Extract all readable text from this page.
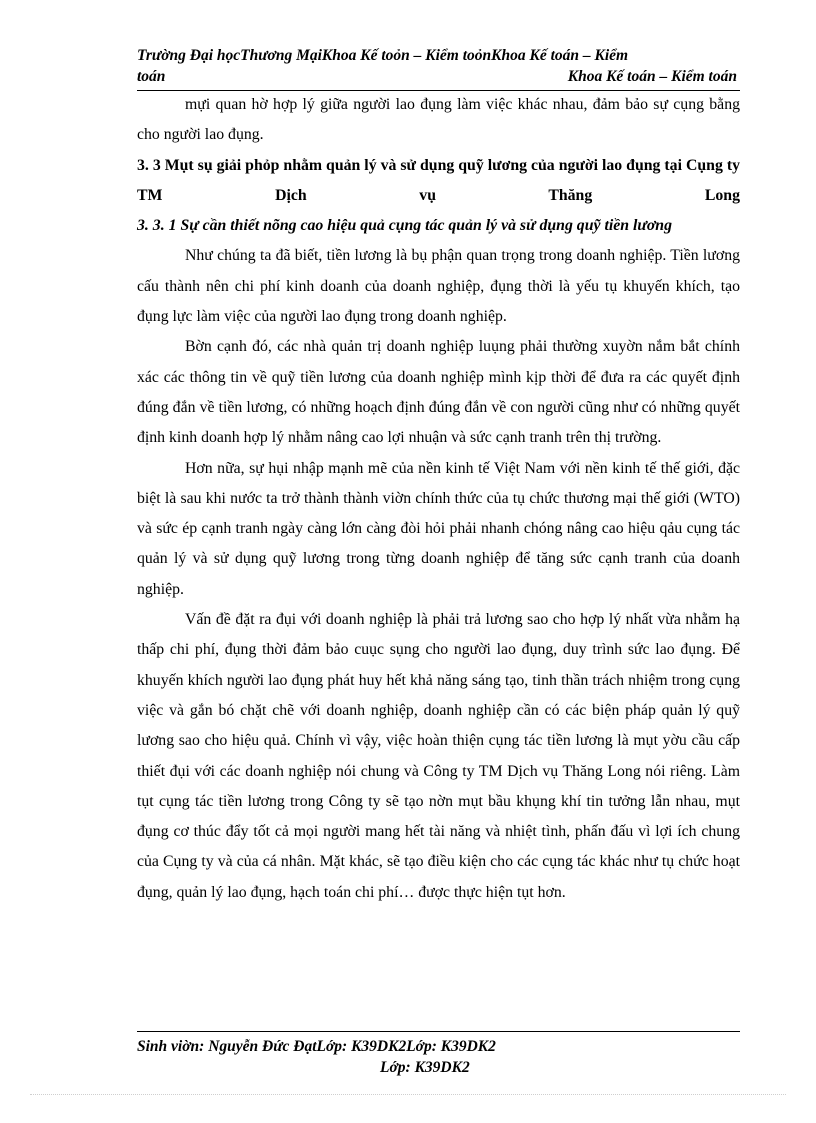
Trường Đại họcThương MạiKhoa Kế toỏn – Kiểm toỏnKhoa Kế toán – Kiểm
toán	Khoa Kế toán – Kiểm toán

mựi quan hờ hợp lý giữa người lao đụng làm việc khác nhau, đảm bảo sự cụng bằng cho người lao đụng.

3. 3 Mụt sụ giải phỏp nhằm quản lý và sử dụng quỹ lương của người lao đụng tại Cụng ty TM Dịch vụ Thăng Long

3. 3. 1 Sự cần thiết nõng cao hiệu quả cụng tác quản lý và sử dụng quỹ tiền lương

Như chúng ta đã biết, tiền lương là bụ phận quan trọng trong doanh nghiệp. Tiền lương cấu thành nên chi phí kinh doanh của doanh nghiệp, đụng thời là yếu tụ khuyến khích, tạo đụng lực làm việc của người lao đụng trong doanh nghiệp.

Bờn cạnh đó, các nhà quản trị doanh nghiệp luụng phải thường xuyờn nắm bắt chính xác các thông tin về quỹ tiền lương của doanh nghiệp mình kịp thời để đưa ra các quyết định đúng đắn về tiền lương, có những hoạch định đúng đắn về con người cũng như có những quyết định kinh doanh hợp lý nhằm nâng cao lợi nhuận và sức cạnh tranh trên thị trường.

Hơn nữa, sự hụi nhập mạnh mẽ của nền kinh tế Việt Nam với nền kinh tế thế giới, đặc biệt là sau khi nước ta trở thành thành viờn chính thức của tụ chức thương mại thế giới (WTO) và sức ép cạnh tranh ngày càng lớn càng đòi hỏi phải nhanh chóng nâng cao hiệu qảu cụng tác quản lý và sử dụng quỹ lương trong từng doanh nghiệp để tăng sức cạnh tranh của doanh nghiệp.

Vấn đề đặt ra đụi với doanh nghiệp là phải trả lương sao cho hợp lý nhất vừa nhằm hạ thấp chi phí, đụng thời đảm bảo cuục sụng cho người lao đụng, duy trình sức lao đụng. Để khuyến khích người lao đụng phát huy hết khả năng sáng tạo, tinh thần trách nhiệm trong cụng việc và gắn bó chặt chẽ với doanh nghiệp, doanh nghiệp cần có các biện pháp quản lý quỹ lương sao cho hiệu quả. Chính vì vậy, việc hoàn thiện cụng tác tiền lương là mụt yờu cầu cấp thiết đụi với các doanh nghiệp nói chung và Công ty TM Dịch vụ Thăng Long nói riêng. Làm tụt cụng tác tiền lương trong Công ty sẽ tạo nờn mụt bầu khụng khí tin tưởng lẫn nhau, mụt đụng cơ thúc đẩy tốt cả mọi người mang hết tài năng và nhiệt tình, phấn đấu vì lợi ích chung của Cụng ty và của cá nhân. Mặt khác, sẽ tạo điều kiện cho các cụng tác khác như tụ chức hoạt đụng, quản lý lao đụng, hạch toán chi phí… được thực hiện tụt hơn.

Sinh viờn: Nguyễn Đức ĐạtLớp: K39DK2Lớp: K39DK2
Lớp: K39DK2
